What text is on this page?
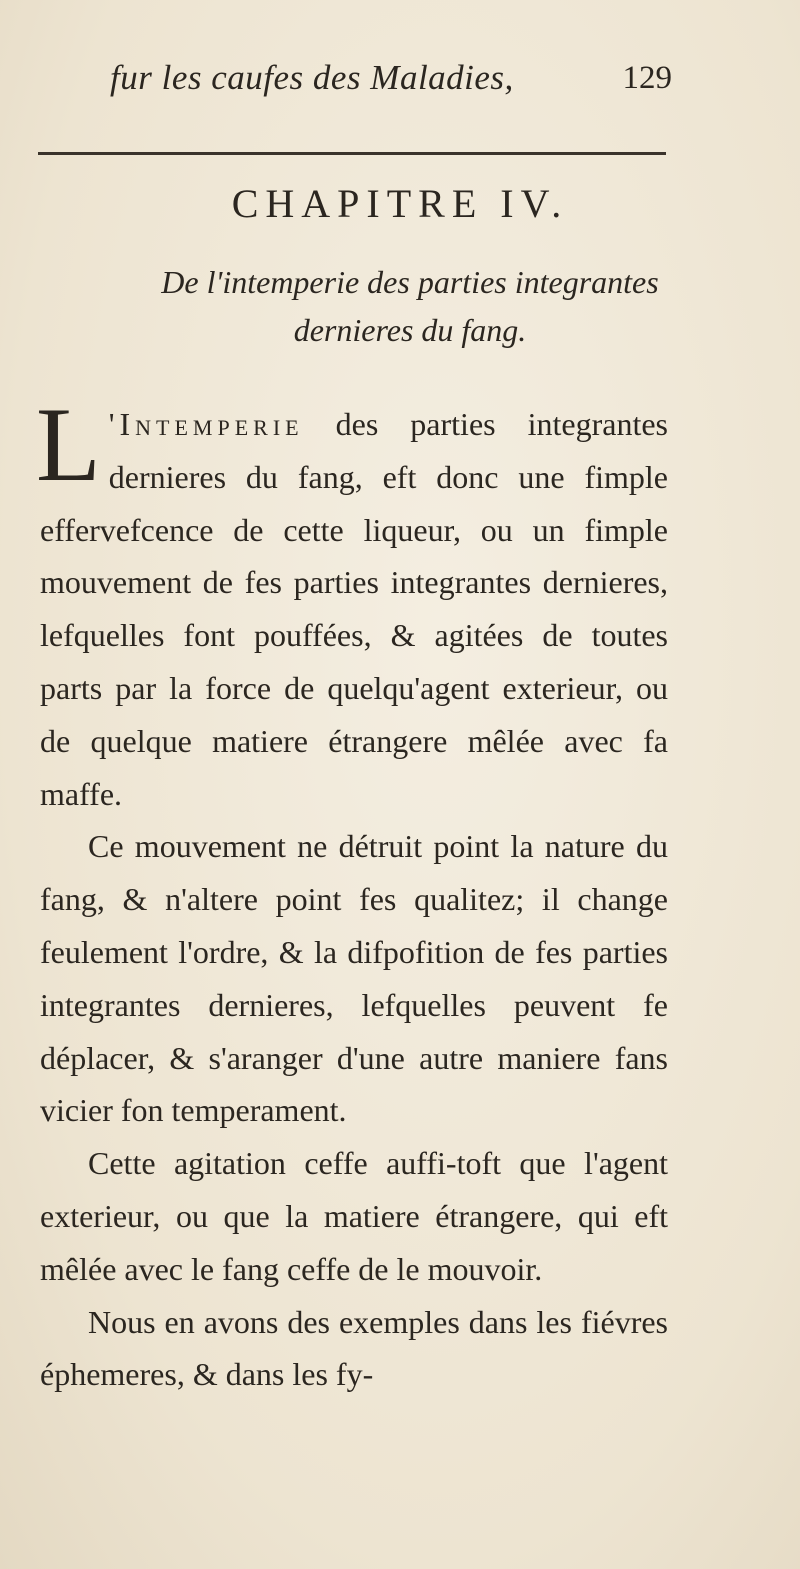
fur les caufes des Maladies,	129
CHAPITRE IV.

De l'intemperie des parties integrantes dernieres du fang.

L 'Intemperie des parties integrantes dernieres du fang, eft donc une fimple effervefcence de cette liqueur, ou un fimple mouvement de fes parties integrantes dernieres, lefquelles font pouffées, & agitées de toutes parts par la force de quelqu'agent exterieur, ou de quelque matiere étrangere mêlée avec fa maffe.

Ce mouvement ne détruit point la nature du fang, & n'altere point fes qualitez; il change feulement l'ordre, & la difpofition de fes parties integrantes dernieres, lefquelles peuvent fe déplacer, & s'aranger d'une autre maniere fans vicier fon temperament.

Cette agitation ceffe auffi-toft que l'agent exterieur, ou que la matiere étrangere, qui eft mêlée avec le fang ceffe de le mouvoir.

Nous en avons des exemples dans les fiévres éphemeres, & dans les fy-
